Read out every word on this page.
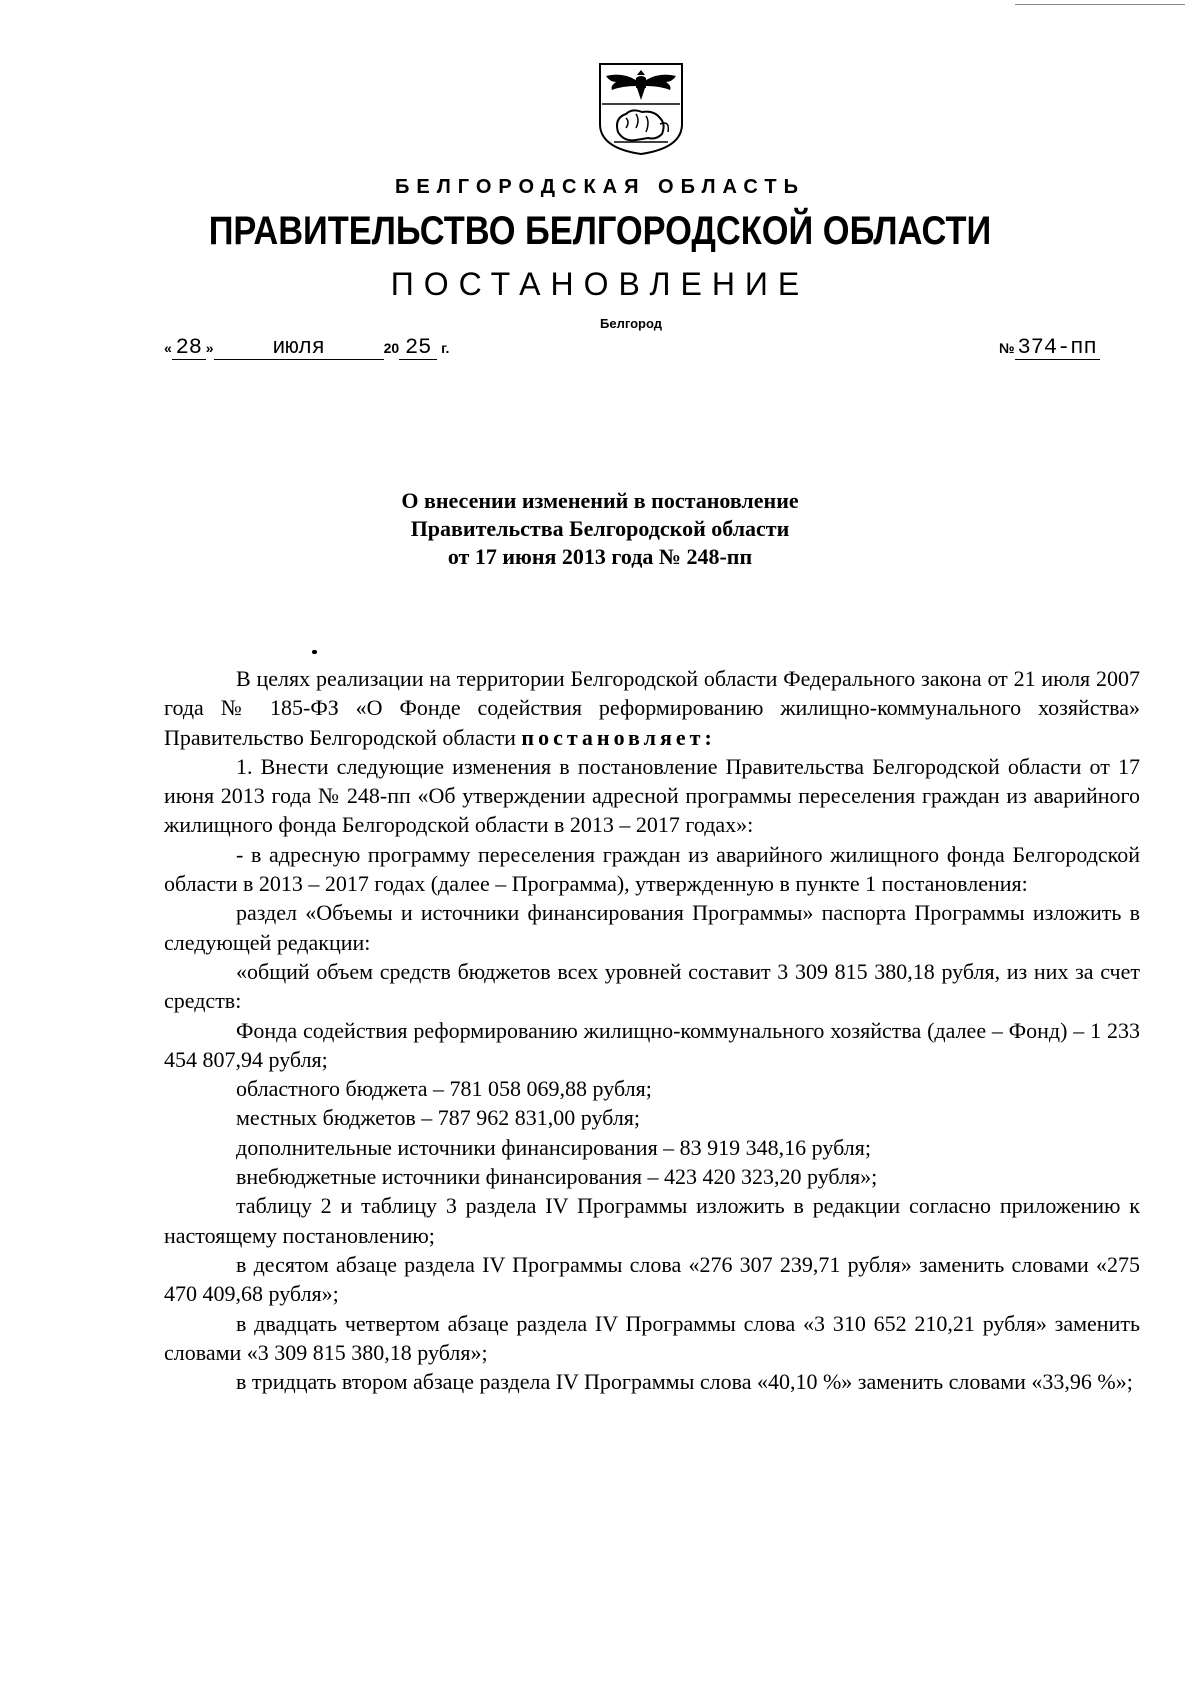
БЕЛГОРОДСКАЯ ОБЛАСТЬ
ПРАВИТЕЛЬСТВО БЕЛГОРОДСКОЙ ОБЛАСТИ
ПОСТАНОВЛЕНИЕ
Белгород
« 28 »	июля	20 25 г.	№ 374-пп
О внесении изменений в постановление
Правительства Белгородской области
от 17 июня 2013 года № 248-пп

В целях реализации на территории Белгородской области Федерального закона от 21 июля 2007 года № 185-ФЗ «О Фонде содействия реформированию жилищно-коммунального хозяйства» Правительство Белгородской области постановляет:

1. Внести следующие изменения в постановление Правительства Белгородской области от 17 июня 2013 года № 248-пп «Об утверждении адресной программы переселения граждан из аварийного жилищного фонда Белгородской области в 2013 – 2017 годах»:

- в адресную программу переселения граждан из аварийного жилищного фонда Белгородской области в 2013 – 2017 годах (далее – Программа), утвержденную в пункте 1 постановления:

раздел «Объемы и источники финансирования Программы» паспорта Программы изложить в следующей редакции:

«общий объем средств бюджетов всех уровней составит 3 309 815 380,18 рубля, из них за счет средств:

Фонда содействия реформированию жилищно-коммунального хозяйства (далее – Фонд) – 1 233 454 807,94 рубля;

областного бюджета – 781 058 069,88 рубля;

местных бюджетов – 787 962 831,00 рубля;

дополнительные источники финансирования – 83 919 348,16 рубля;

внебюджетные источники финансирования – 423 420 323,20 рубля»;

таблицу 2 и таблицу 3 раздела IV Программы изложить в редакции согласно приложению к настоящему постановлению;

в десятом абзаце раздела IV Программы слова «276 307 239,71 рубля» заменить словами «275 470 409,68 рубля»;

в двадцать четвертом абзаце раздела IV Программы слова «3 310 652 210,21 рубля» заменить словами «3 309 815 380,18 рубля»;

в тридцать втором абзаце раздела IV Программы слова «40,10 %» заменить словами «33,96 %»;
